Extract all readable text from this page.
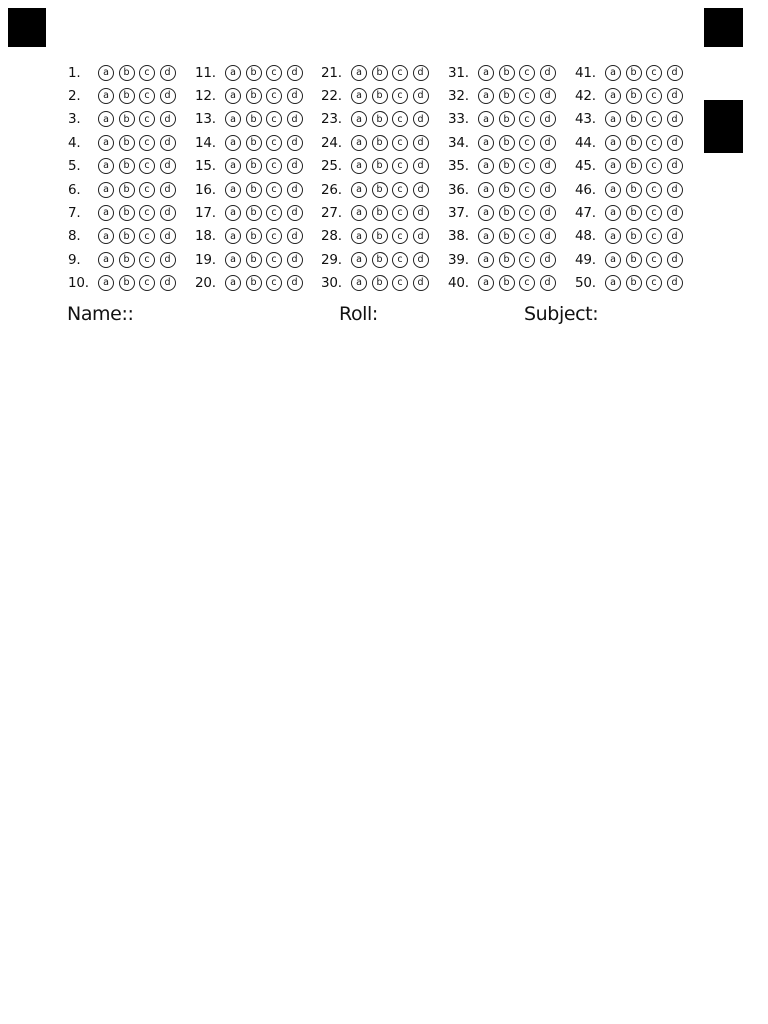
1.	a	b	c	d
2.	a	b	c	d
3.	a	b	c	d
4.	a	b	c	d
5.	a	b	c	d
6.	a	b	c	d
7.	a	b	c	d
8.	a	b	c	d
9.	a	b	c	d
10.	a	b	c	d
11.	a	b	c	d
12.	a	b	c	d
13.	a	b	c	d
14.	a	b	c	d
15.	a	b	c	d
16.	a	b	c	d
17.	a	b	c	d
18.	a	b	c	d
19.	a	b	c	d
20.	a	b	c	d
21.	a	b	c	d
22.	a	b	c	d
23.	a	b	c	d
24.	a	b	c	d
25.	a	b	c	d
26.	a	b	c	d
27.	a	b	c	d
28.	a	b	c	d
29.	a	b	c	d
30.	a	b	c	d
31.	a	b	c	d
32.	a	b	c	d
33.	a	b	c	d
34.	a	b	c	d
35.	a	b	c	d
36.	a	b	c	d
37.	a	b	c	d
38.	a	b	c	d
39.	a	b	c	d
40.	a	b	c	d
41.	a	b	c	d
42.	a	b	c	d
43.	a	b	c	d
44.	a	b	c	d
45.	a	b	c	d
46.	a	b	c	d
47.	a	b	c	d
48.	a	b	c	d
49.	a	b	c	d
50.	a	b	c	d
Name::	Roll:	Subject:
